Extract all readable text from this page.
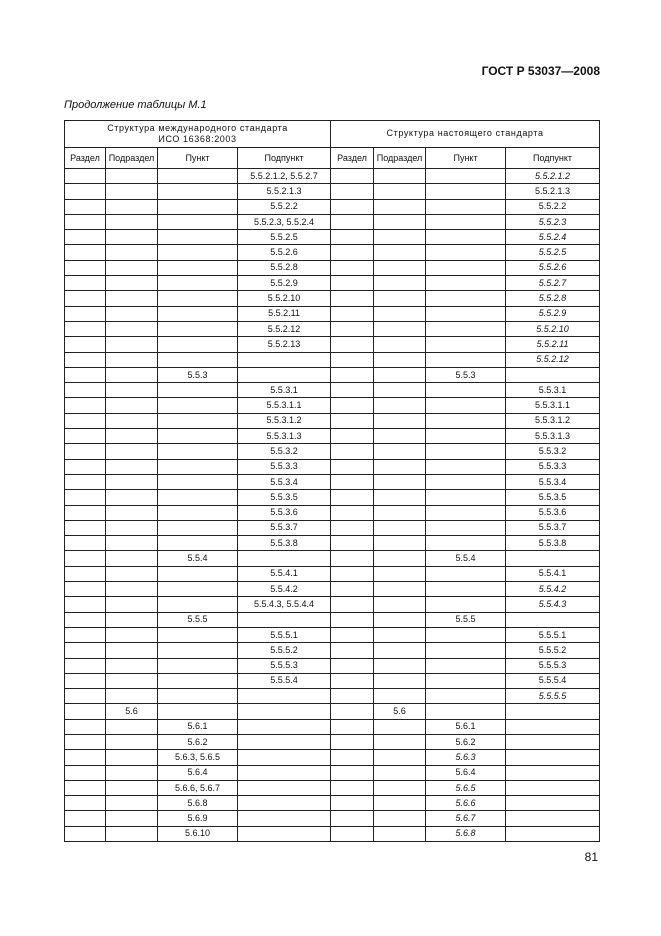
ГОСТ Р 53037—2008
Продолжение таблицы М.1
Структура международного стандарта
ИСО 16368:2003				Структура настоящего стандарта			
Раздел	Подраздел	Пункт	Подпункт	Раздел	Подраздел	Пункт	Подпункт
			5.5.2.1.2, 5.5.2.7				5.5.2.1.2
			5.5.2.1.3				5.5.2.1.3
			5.5.2.2				5.5.2.2
			5.5.2.3, 5.5.2.4				5.5.2.3
			5.5.2.5				5.5.2.4
			5.5.2.6				5.5.2.5
			5.5.2.8				5.5.2.6
			5.5.2.9				5.5.2.7
			5.5.2.10				5.5.2.8
			5.5.2.11				5.5.2.9
			5.5.2.12				5.5.2.10
			5.5.2.13				5.5.2.11
							5.5.2.12
		5.5.3				5.5.3	
			5.5.3.1				5.5.3.1
			5.5.3.1.1				5.5.3.1.1
			5.5.3.1.2				5.5.3.1.2
			5.5.3.1.3				5.5.3.1.3
			5.5.3.2				5.5.3.2
			5.5.3.3				5.5.3.3
			5.5.3.4				5.5.3.4
			5.5.3.5				5.5.3.5
			5.5.3.6				5.5.3.6
			5.5.3.7				5.5.3.7
			5.5.3.8				5.5.3.8
		5.5.4				5.5.4	
			5.5.4.1				5.5.4.1
			5.5.4.2				5.5.4.2
			5.5.4.3, 5.5.4.4				5.5.4.3
		5.5.5				5.5.5	
			5.5.5.1				5.5.5.1
			5.5.5.2				5.5.5.2
			5.5.5.3				5.5.5.3
			5.5.5.4				5.5.5.4
							5.5.5.5
	5.6				5.6		
		5.6.1				5.6.1	
		5.6.2				5.6.2	
		5.6.3, 5.6.5				5.6.3	
		5.6.4				5.6.4	
		5.6.6, 5.6.7				5.6.5	
		5.6.8				5.6.6	
		5.6.9				5.6.7	
		5.6.10				5.6.8	
81
